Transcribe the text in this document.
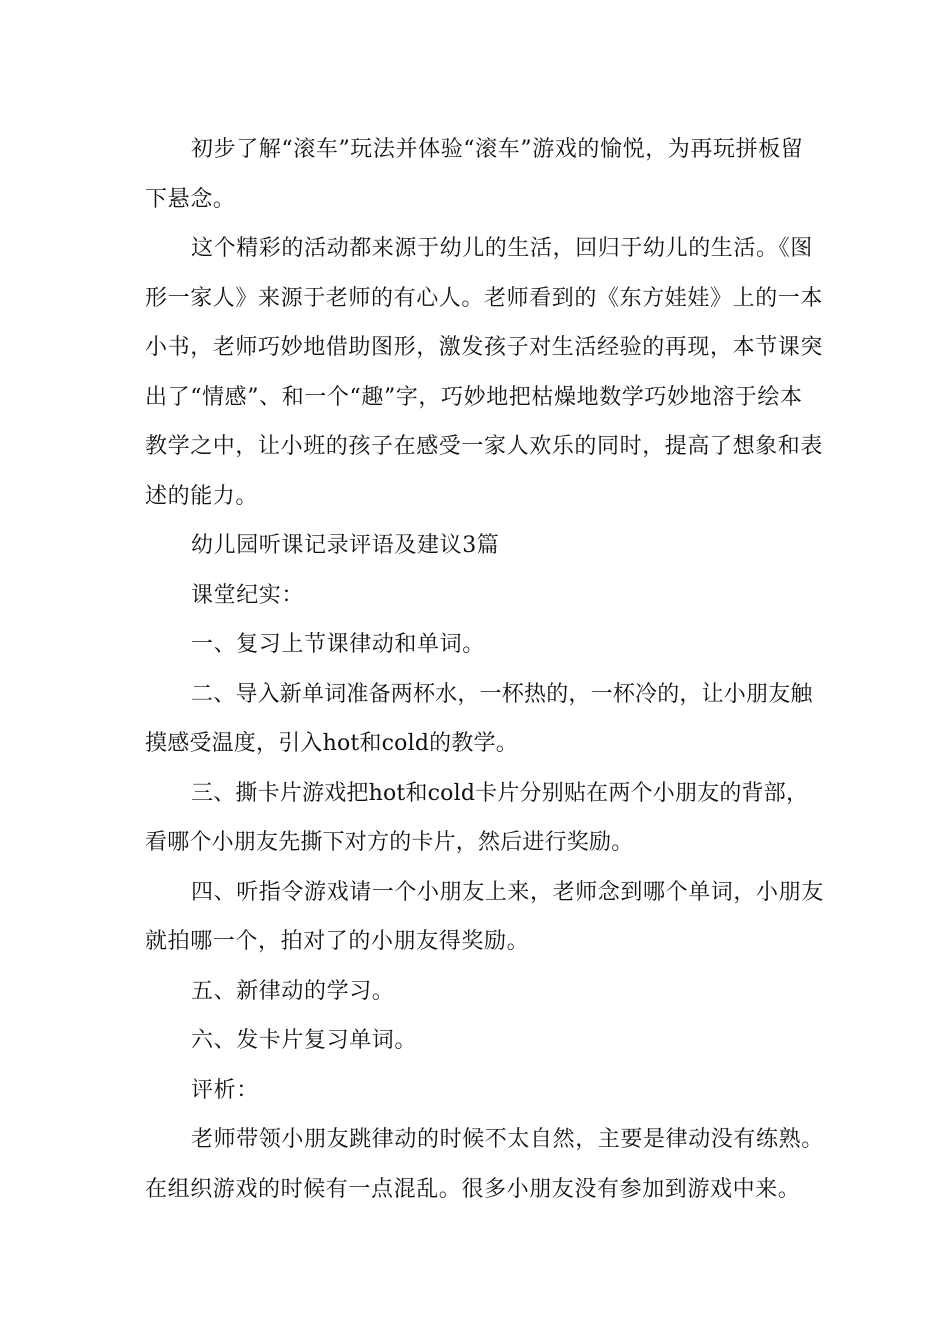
初步了解“滚车”玩法并体验“滚车”游戏的愉悦，为再玩拼板留下悬念。

这个精彩的活动都来源于幼儿的生活，回归于幼儿的生活。《图形一家人》来源于老师的有心人。老师看到的《东方娃娃》上的一本小书，老师巧妙地借助图形，激发孩子对生活经验的再现，本节课突出了“情感”、和一个“趣”字，巧妙地把枯燥地数学巧妙地溶于绘本教学之中，让小班的孩子在感受一家人欢乐的同时，提高了想象和表述的能力。

幼儿园听课记录评语及建议3篇

课堂纪实：

一、复习上节课律动和单词。

二、导入新单词准备两杯水，一杯热的，一杯冷的，让小朋友触摸感受温度，引入hot和cold的教学。

三、撕卡片游戏把hot和cold卡片分别贴在两个小朋友的背部，看哪个小朋友先撕下对方的卡片，然后进行奖励。

四、听指令游戏请一个小朋友上来，老师念到哪个单词，小朋友就拍哪一个，拍对了的小朋友得奖励。

五、新律动的学习。

六、发卡片复习单词。

评析：

老师带领小朋友跳律动的时候不太自然，主要是律动没有练熟。在组织游戏的时候有一点混乱。很多小朋友没有参加到游戏中来。
